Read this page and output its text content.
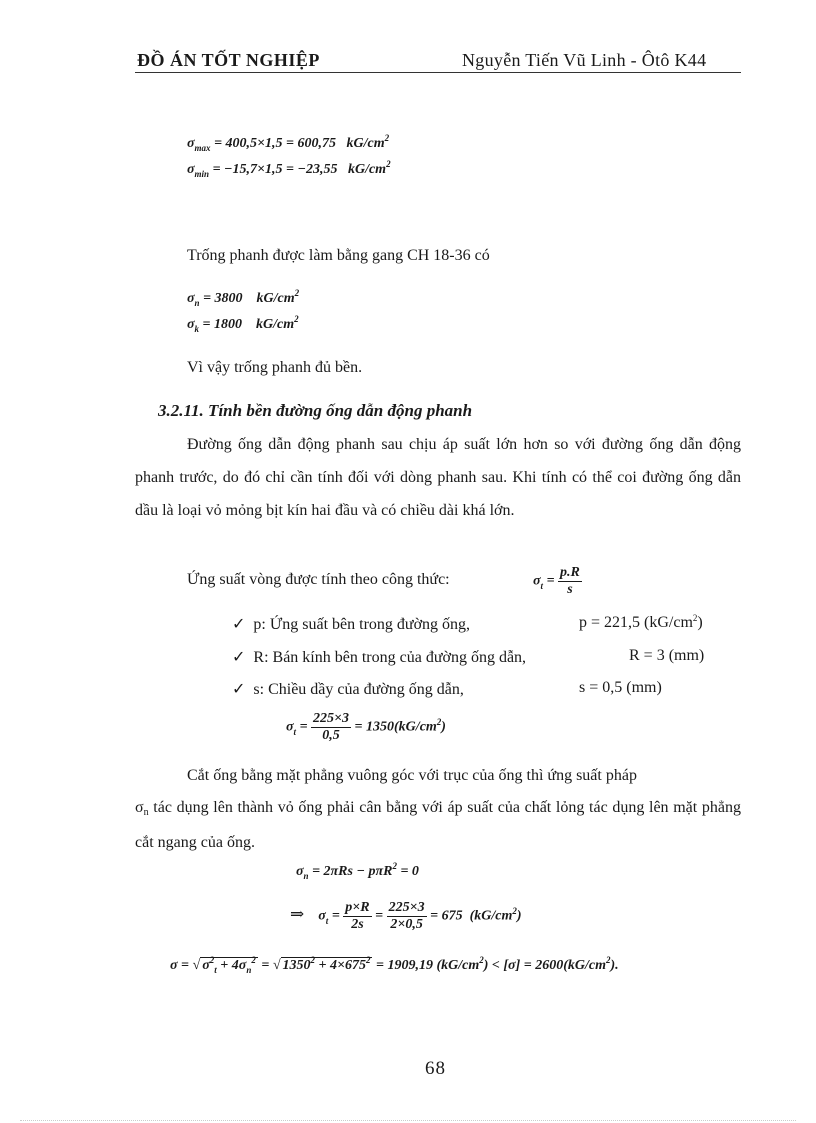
ĐỒ ÁN TỐT NGHIỆP	Nguyễn Tiến Vũ Linh - Ôtô K44
$\sigma_{max} = 400,5\times 1,5 = 600,75$ $kG/cm^2$
$\sigma_{min} = -15,7\times 1,5 = -23,55$ $kG/cm^2$
Trống phanh được làm bằng gang CH 18-36 có
$\sigma_n = 3800$ $kG/cm^2$
$\sigma_k = 1800$ $kG/cm^2$
Vì vậy trống phanh đủ bền.
3.2.11. Tính bền đường ống dẫn động phanh
Đường ống dẫn động phanh sau chịu áp suất lớn hơn so với đường ống dẫn động phanh trước, do đó chỉ cần tính đối với dòng phanh sau. Khi tính có thể coi đường ống dẫn dầu là loại vỏ mỏng bịt kín hai đầu và có chiều dài khá lớn.
Ứng suất vòng được tính theo công thức:	$\sigma_t = \frac{p.R}{s}$
✓ p: Ứng suất bên trong đường ống,	p = 221,5 $(kG/cm^2)$
✓ R: Bán kính bên trong của đường ống dẫn,	R = 3 (mm)
✓ s: Chiều dầy của đường ống dẫn,	s = 0,5 (mm)
$\sigma_t = \frac{225\times 3}{0,5} = 1350(kG/cm^2)$
Cắt ống bằng mặt phẳng vuông góc với trục của ống thì ứng suất pháp
σn tác dụng lên thành vỏ ống phải cân bằng với áp suất của chất lỏng tác dụng lên mặt phẳng cắt ngang của ống.
$\sigma_n = 2\pi Rs - p\pi R^2 = 0$
⇒ $\sigma_t = \frac{p\times R}{2s} = \frac{225\times 3}{2\times 0,5} = 675$  $(kG/cm^2)$
σ = √ $\sigma^2_t + 4\sigma_n^2$ = √ $1350^2 + 4\times 675^2 = 1909,19$ $(kG/cm^2) < [\sigma] = 2600(kG/cm^2)$.
68
